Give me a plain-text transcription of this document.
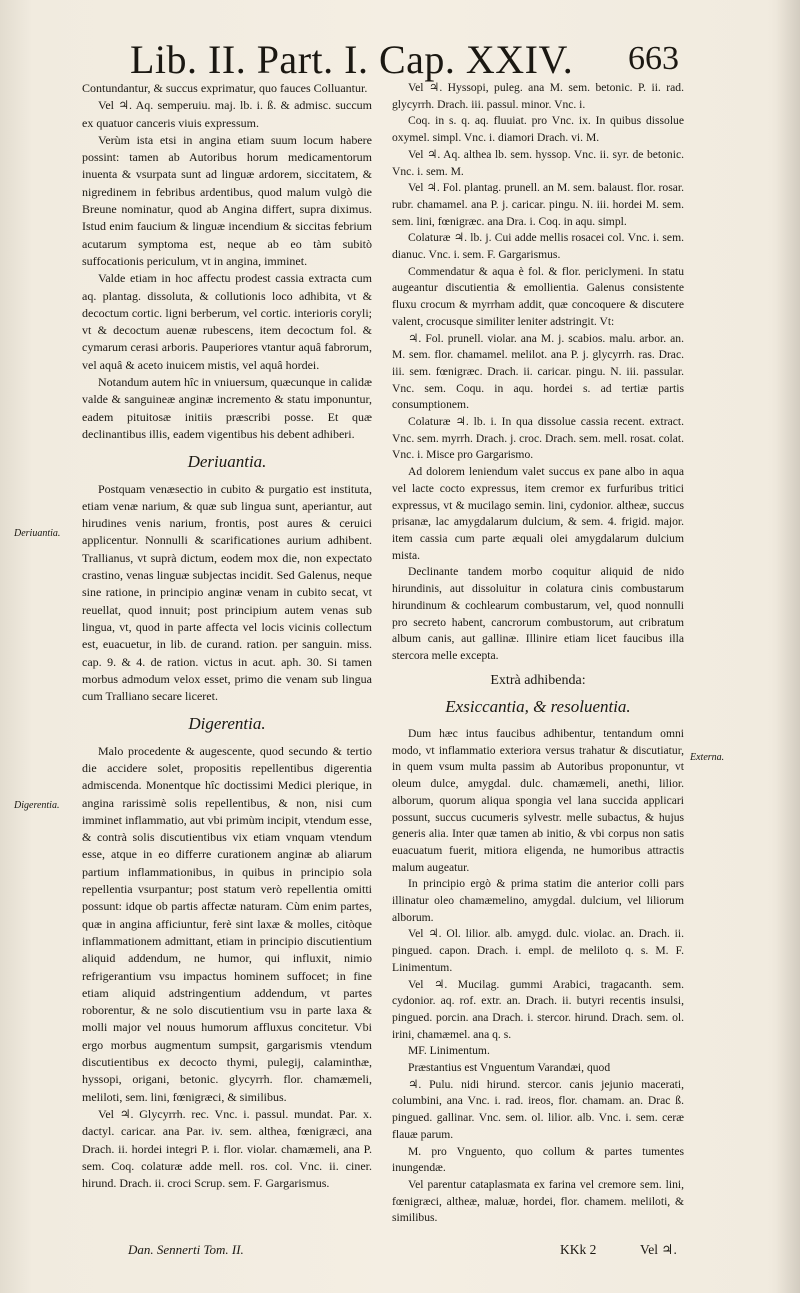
Lib. II. Part. I. Cap. XXIV. 663

Contundantur, & succus exprimatur, quo fauces Colluantur.

Vel ♃. Aq. semperuiu. maj. lb. i. ß. & admisc. succum ex quatuor canceris viuis expressum.

Verùm ista etsi in angina etiam suum locum habere possint: tamen ab Autoribus horum medicamentorum inuenta & vsurpata sunt ad linguæ ardorem, siccitatem, & nigredinem in febribus ardentibus, quod malum vulgò die Breune nominatur, quod ab Angina differt, supra diximus. Istud enim faucium & linguæ incendium & siccitas febrium acutarum symptoma est, neque ab eo tàm subitò suffocationis periculum, vt in angina, imminet.

Valde etiam in hoc affectu prodest cassia extracta cum aq. plantag. dissoluta, & collutionis loco adhibita, vt & decoctum cortic. ligni berberum, vel cortic. interioris coryli; vt & decoctum auenæ rubescens, item decoctum fol. & cymarum cerasi arboris. Pauperiores vtantur aquâ fabrorum, vel aquâ & aceto inuicem mistis, vel aquâ hordei.

Notandum autem hîc in vniuersum, quæcunque in calidæ valde & sanguineæ anginæ incremento & statu imponuntur, eadem pituitosæ initiis præscribi posse. Et quæ declinantibus illis, eadem vigentibus his debent adhiberi.

Deriuantia.

Postquam venæsectio in cubito & purgatio est instituta, etiam venæ narium, & quæ sub lingua sunt, aperiantur, aut hirudines venis narium, frontis, post aures & ceruici applicentur. Nonnulli & scarificationes aurium adhibent. Trallianus, vt suprà dictum, eodem mox die, non expectato crastino, venas linguæ subjectas incidit. Sed Galenus, neque sine ratione, in principio anginæ venam in cubito secat, vt reuellat, quod innuit; post principium autem venas sub lingua, vt, quod in parte affecta vel locis vicinis collectum est, euacuetur, in lib. de curand. ration. per sanguin. miss. cap. 9. & 4. de ration. victus in acut. aph. 30. Si tamen morbus admodum velox esset, primo die venam sub lingua cum Tralliano secare liceret.

Digerentia.

Malo procedente & augescente, quod secundo & tertio die accidere solet, propositis repellentibus digerentia admiscenda. Monentque hîc doctissimi Medici plerique, in angina rarissimè solis repellentibus, & non, nisi cum imminet inflammatio, aut vbi primùm incipit, vtendum esse, & contrà solis discutientibus vix etiam vnquam vtendum esse, atque in eo differre curationem anginæ ab aliarum partium inflammationibus, in quibus in principio sola repellentia vsurpantur; post statum verò repellentia omitti possunt: idque ob partis affectæ naturam. Cùm enim partes, quæ in angina afficiuntur, ferè sint laxæ & molles, citòque inflammationem admittant, etiam in principio discutientium aliquid addendum, ne humor, qui influxit, nimio refrigerantium vsu impactus hominem suffocet; in fine etiam aliquid adstringentium addendum, vt partes roborentur, & ne solo discutientium vsu in parte laxa & molli major vel nouus humorum affluxus concitetur. Vbi ergo morbus augmentum sumpsit, gargarismis vtendum discutientibus ex decocto thymi, pulegij, calaminthæ, hyssopi, origani, betonic. glycyrrh. flor. chamæmeli, meliloti, sem. lini, fœnigræci, & similibus.

Vel ♃. Glycyrrh. rec. Vnc. i. passul. mundat. Par. x. dactyl. caricar. ana Par. iv. sem. althea, fœnigræci, ana Drach. ii. hordei integri P. i. flor. violar. chamæmeli, ana P. sem. Coq. colaturæ adde mell. ros. col. Vnc. ii. ciner. hirund. Drach. ii. croci Scrup. sem. F. Gargarismus.

Deriuantia.
Digerentia.
Externa.

Vel ♃. Hyssopi, puleg. ana M. sem. betonic. P. ii. rad. glycyrrh. Drach. iii. passul. minor. Vnc. i.

Coq. in s. q. aq. fluuiat. pro Vnc. ix. In quibus dissolue oxymel. simpl. Vnc. i. diamori Drach. vi. M.

Vel ♃. Aq. althea lb. sem. hyssop. Vnc. ii. syr. de betonic. Vnc. i. sem. M.

Vel ♃. Fol. plantag. prunell. an M. sem. balaust. flor. rosar. rubr. chamamel. ana P. j. caricar. pingu. N. iii. hordei M. sem. sem. lini, fœnigræc. ana Dra. i. Coq. in aqu. simpl.

Colaturæ ♃. lb. j. Cui adde mellis rosacei col. Vnc. i. sem. dianuc. Vnc. i. sem. F. Gargarismus.

Commendatur & aqua è fol. & flor. periclymeni. In statu augeantur discutientia & emollientia. Galenus consistente fluxu crocum & myrrham addit, quæ concoquere & discutere valent, crocusque similiter leniter adstringit. Vt:

♃. Fol. prunell. violar. ana M. j. scabios. malu. arbor. an. M. sem. flor. chamamel. melilot. ana P. j. glycyrrh. ras. Drac. iii. sem. fœnigræc. Drach. ii. caricar. pingu. N. iii. passular. Vnc. sem. Coqu. in aqu. hordei s. ad tertiæ partis consumptionem.

Colaturæ ♃. lb. i. In qua dissolue cassia recent. extract. Vnc. sem. myrrh. Drach. j. croc. Drach. sem. mell. rosat. colat. Vnc. i. Misce pro Gargarismo.

Ad dolorem leniendum valet succus ex pane albo in aqua vel lacte cocto expressus, item cremor ex furfuribus tritici expressus, vt & mucilago semin. lini, cydonior. altheæ, succus prisanæ, lac amygdalarum dulcium, & sem. 4. frigid. major. item cassia cum parte æquali olei amygdalarum dulcium mista.

Declinante tandem morbo coquitur aliquid de nido hirundinis, aut dissoluitur in colatura cinis combustarum hirundinum & cochlearum combustarum, vel, quod nonnulli pro secreto habent, cancrorum combustorum, aut cribratum album canis, aut gallinæ. Illinire etiam licet faucibus illa stercora melle excepta.

Extrà adhibenda:
Exsiccantia, & resoluentia.

Dum hæc intus faucibus adhibentur, tentandum omni modo, vt inflammatio exteriora versus trahatur & discutiatur, in quem vsum multa passim ab Autoribus proponuntur, vt oleum dulce, amygdal. dulc. chamæmeli, anethi, lilior. alborum, quorum aliqua spongia vel lana succida applicari possunt, succus cucumeris sylvestr. melle subactus, & hujus generis alia. Inter quæ tamen ab initio, & vbi corpus non satis euacuatum fuerit, mitiora eligenda, ne humoribus attractis malum augeatur.

In principio ergò & prima statim die anterior colli pars illinatur oleo chamæmelino, amygdal. dulcium, vel liliorum alborum.

Vel ♃. Ol. lilior. alb. amygd. dulc. violac. an. Drach. ii. pingued. capon. Drach. i. empl. de meliloto q. s. M. F. Linimentum.

Vel ♃. Mucilag. gummi Arabici, tragacanth. sem. cydonior. aq. rof. extr. an. Drach. ii. butyri recentis insulsi, pingued. porcin. ana Drach. i. stercor. hirund. Drach. sem. ol. irini, chamæmel. ana q. s.

MF. Linimentum.

Præstantius est Vnguentum Varandæi, quod

♃. Pulu. nidi hirund. stercor. canis jejunio macerati, columbini, ana Vnc. i. rad. ireos, flor. chamam. an. Drac ß. pingued. gallinar. Vnc. sem. ol. lilior. alb. Vnc. i. sem. ceræ flauæ parum.

M. pro Vnguento, quo collum & partes tumentes inungendæ.

Vel parentur cataplasmata ex farina vel cremore sem. lini, fœnigræci, altheæ, maluæ, hordei, flor. chamem. meliloti, & similibus.

Dan. Sennerti Tom. II.	KKk 2	Vel ♃.
